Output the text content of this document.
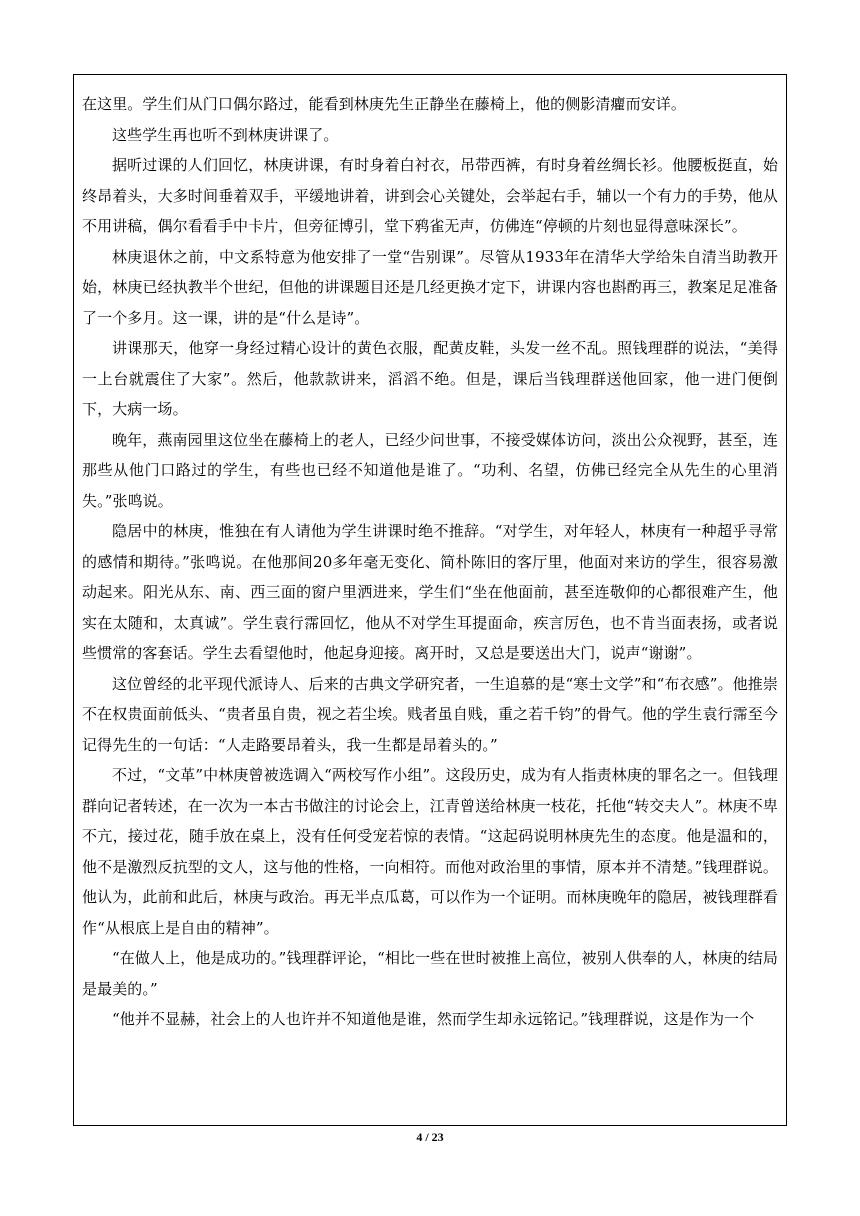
在这里。学生们从门口偶尔路过，能看到林庚先生正静坐在藤椅上，他的侧影清癯而安详。

这些学生再也听不到林庚讲课了。

据听过课的人们回忆，林庚讲课，有时身着白衬衣，吊带西裤，有时身着丝绸长衫。他腰板挺直，始终昂着头，大多时间垂着双手，平缓地讲着，讲到会心关键处，会举起右手，辅以一个有力的手势，他从不用讲稿，偶尔看看手中卡片，但旁征博引，堂下鸦雀无声，仿佛连“停顿的片刻也显得意味深长”。

林庚退休之前，中文系特意为他安排了一堂“告别课”。尽管从1933年在清华大学给朱自清当助教开始，林庚已经执教半个世纪，但他的讲课题目还是几经更换才定下，讲课内容也斟酌再三，教案足足准备了一个多月。这一课，讲的是“什么是诗”。

讲课那天，他穿一身经过精心设计的黄色衣服，配黄皮鞋，头发一丝不乱。照钱理群的说法，“美得一上台就震住了大家”。然后，他款款讲来，滔滔不绝。但是，课后当钱理群送他回家，他一进门便倒下，大病一场。

晚年，燕南园里这位坐在藤椅上的老人，已经少问世事，不接受媒体访问，淡出公众视野，甚至，连那些从他门口路过的学生，有些也已经不知道他是谁了。“功利、名望，仿佛已经完全从先生的心里消失。”张鸣说。

隐居中的林庚，惟独在有人请他为学生讲课时绝不推辞。“对学生，对年轻人，林庚有一种超乎寻常的感情和期待。”张鸣说。在他那间20多年毫无变化、简朴陈旧的客厅里，他面对来访的学生，很容易激动起来。阳光从东、南、西三面的窗户里洒进来，学生们“坐在他面前，甚至连敬仰的心都很难产生，他实在太随和，太真诚”。学生袁行霈回忆，他从不对学生耳提面命，疾言厉色，也不肯当面表扬，或者说些惯常的客套话。学生去看望他时，他起身迎接。离开时，又总是要送出大门，说声“谢谢”。

这位曾经的北平现代派诗人、后来的古典文学研究者，一生追慕的是“寒士文学”和“布衣感”。他推崇不在权贵面前低头、“贵者虽自贵，视之若尘埃。贱者虽自贱，重之若千钧”的骨气。他的学生袁行霈至今记得先生的一句话：“人走路要昂着头，我一生都是昂着头的。”

不过，“文革”中林庚曾被选调入“两校写作小组”。这段历史，成为有人指责林庚的罪名之一。但钱理群向记者转述，在一次为一本古书做注的讨论会上，江青曾送给林庚一枝花，托他“转交夫人”。林庚不卑不亢，接过花，随手放在桌上，没有任何受宠若惊的表情。“这起码说明林庚先生的态度。他是温和的，他不是激烈反抗型的文人，这与他的性格，一向相符。而他对政治里的事情，原本并不清楚。”钱理群说。他认为，此前和此后，林庚与政治。再无半点瓜葛，可以作为一个证明。而林庚晚年的隐居，被钱理群看作“从根底上是自由的精神”。

“在做人上，他是成功的。”钱理群评论，“相比一些在世时被推上高位，被别人供奉的人，林庚的结局是最美的。”

“他并不显赫，社会上的人也许并不知道他是谁，然而学生却永远铭记。”钱理群说，这是作为一个

4 / 23
